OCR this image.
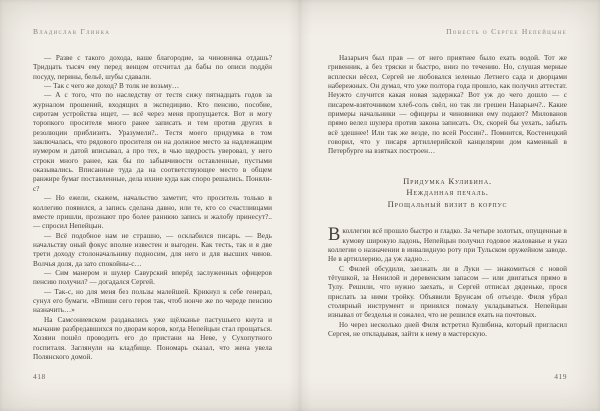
Владислав Глинка

— Разве с такого дохода, ваше благородие, за чиновника отдашь? Тридцать тысяч ему перед венцом отсчитал да бабы по описи поддён посуду, перины, бельё, шубы сдавали.

— Так с чего же доход? В толк не возьму…

— А с того, что по наследству от тестя сижу пятнадцать годов за журналом прошений, входящих в экспедицию. Кто пенсию, пособие, сиротам устройства ищет, — всё через меня пропущается. Вот и могу торопкого просителя много ранее записать и тем против других в резолюции приблизить. Уразумели?.. Тестя моего придумка в том заключалась, что рядового просителя он на должное место за надлежащим нумером и датой вписывал, а про тех, в чью щедрость уверовал, у него строки много ранее, как бы по забывчивости оставленные, пустыми оказывались. Вписанные туда да на соответствующее место в общем ранжире бумаг поставленные, дела ихние куда как споро решались. Поняли-с?

— Но ежели, скажем, начальство заметит, что проситель только в коллегию появился, а запись сделана давно, или те, кто со счастливцами вместе пришли, прознают про более раннюю запись и жалобу принесут?.. — спросил Непейцын.

— Всё подобное нам не страшно, — осклабился писарь. — Ведь начальству оный фокус вполне известен и выгоден. Как тесть, так и я две трети доходу столоначальнику подносим, для него и для высших чинов. Волчья доля, да зато спокойны-с…

— Сим манером и шулер Савурский вперёд заслуженных офицеров пенсию получил? — догадался Сергей.

— Так-с, но для меня без пользы малейшей. Крикнул к себе генерал, сунул его бумаги. «Впиши сего героя так, чтоб нонче же по череде пенсию назначить…»

На Самсониевском раздавались уже щёлканье пастушьего кнута и мычание разбредавшихся по дворам коров, когда Непейцын стал прощаться. Хозяин пошёл проводить его до пристани на Неве, у Сухопутного госпиталя. Заглянули на кладбище. Пономарь сказал, что жена увела Полянского домой.

418
Повесть о Сергее Непейцыне

Назарьич был прав — от него приятнее было ехать водой. Тот же гривенник, а без тряски и быстро, вниз по течению. Но, слушая мерные всплески вёсел, Сергей не любовался зеленью Летнего сада и дворцами набережных. Он думал, что уже полтора года прошло, как получил аттестат. Неужто случится какая новая задержка? Вот уж до чего дошло — с писарем-взяточником хлеб-соль свёл, но так ли грешен Назарьич?.. Какие примеры начальники — офицеры и чиновники ему подают? Милованов прямо велел шулера против закона записать. Ох, скорей бы уехать, забыть всё здешнее! Или так же везде, по всей России?.. Помнится, Костенецкий говорил, что у писаря артиллерийской канцелярии дом каменный в Петербурге на взятках построен…

Придумка Кулибина.
Нежданная печаль.
Прощальный визит в корпус

Вколлегии всё прошло быстро и гладко. За четыре золотых, опущенные в кумову широкую ладонь, Непейцын получил годовое жалованье и указ коллегии о назначении в инвалидную роту при Тульском оружейном заводе. Не в артиллерию, да уж ладно…

С Филей обсудили, заезжать ли в Луки — знакомиться с новой тётушкой, за Ненилой и деревенским запасом — или двигаться прямо в Тулу. Решили, что нужно заехать, и Сергей отписал дяденьке, прося прислать за ними тройку. Объявили Брунсам об отъезде. Филя убрал столярный инструмент и принялся помалу укладываться. Непейцын изнывал от безделья и сожалел, что не решился ехать на почтовых.

Но через несколько дней Филя встретил Кулибина, который пригласил Сергея, не откладывая, зайти к нему в мастерскую.

419
